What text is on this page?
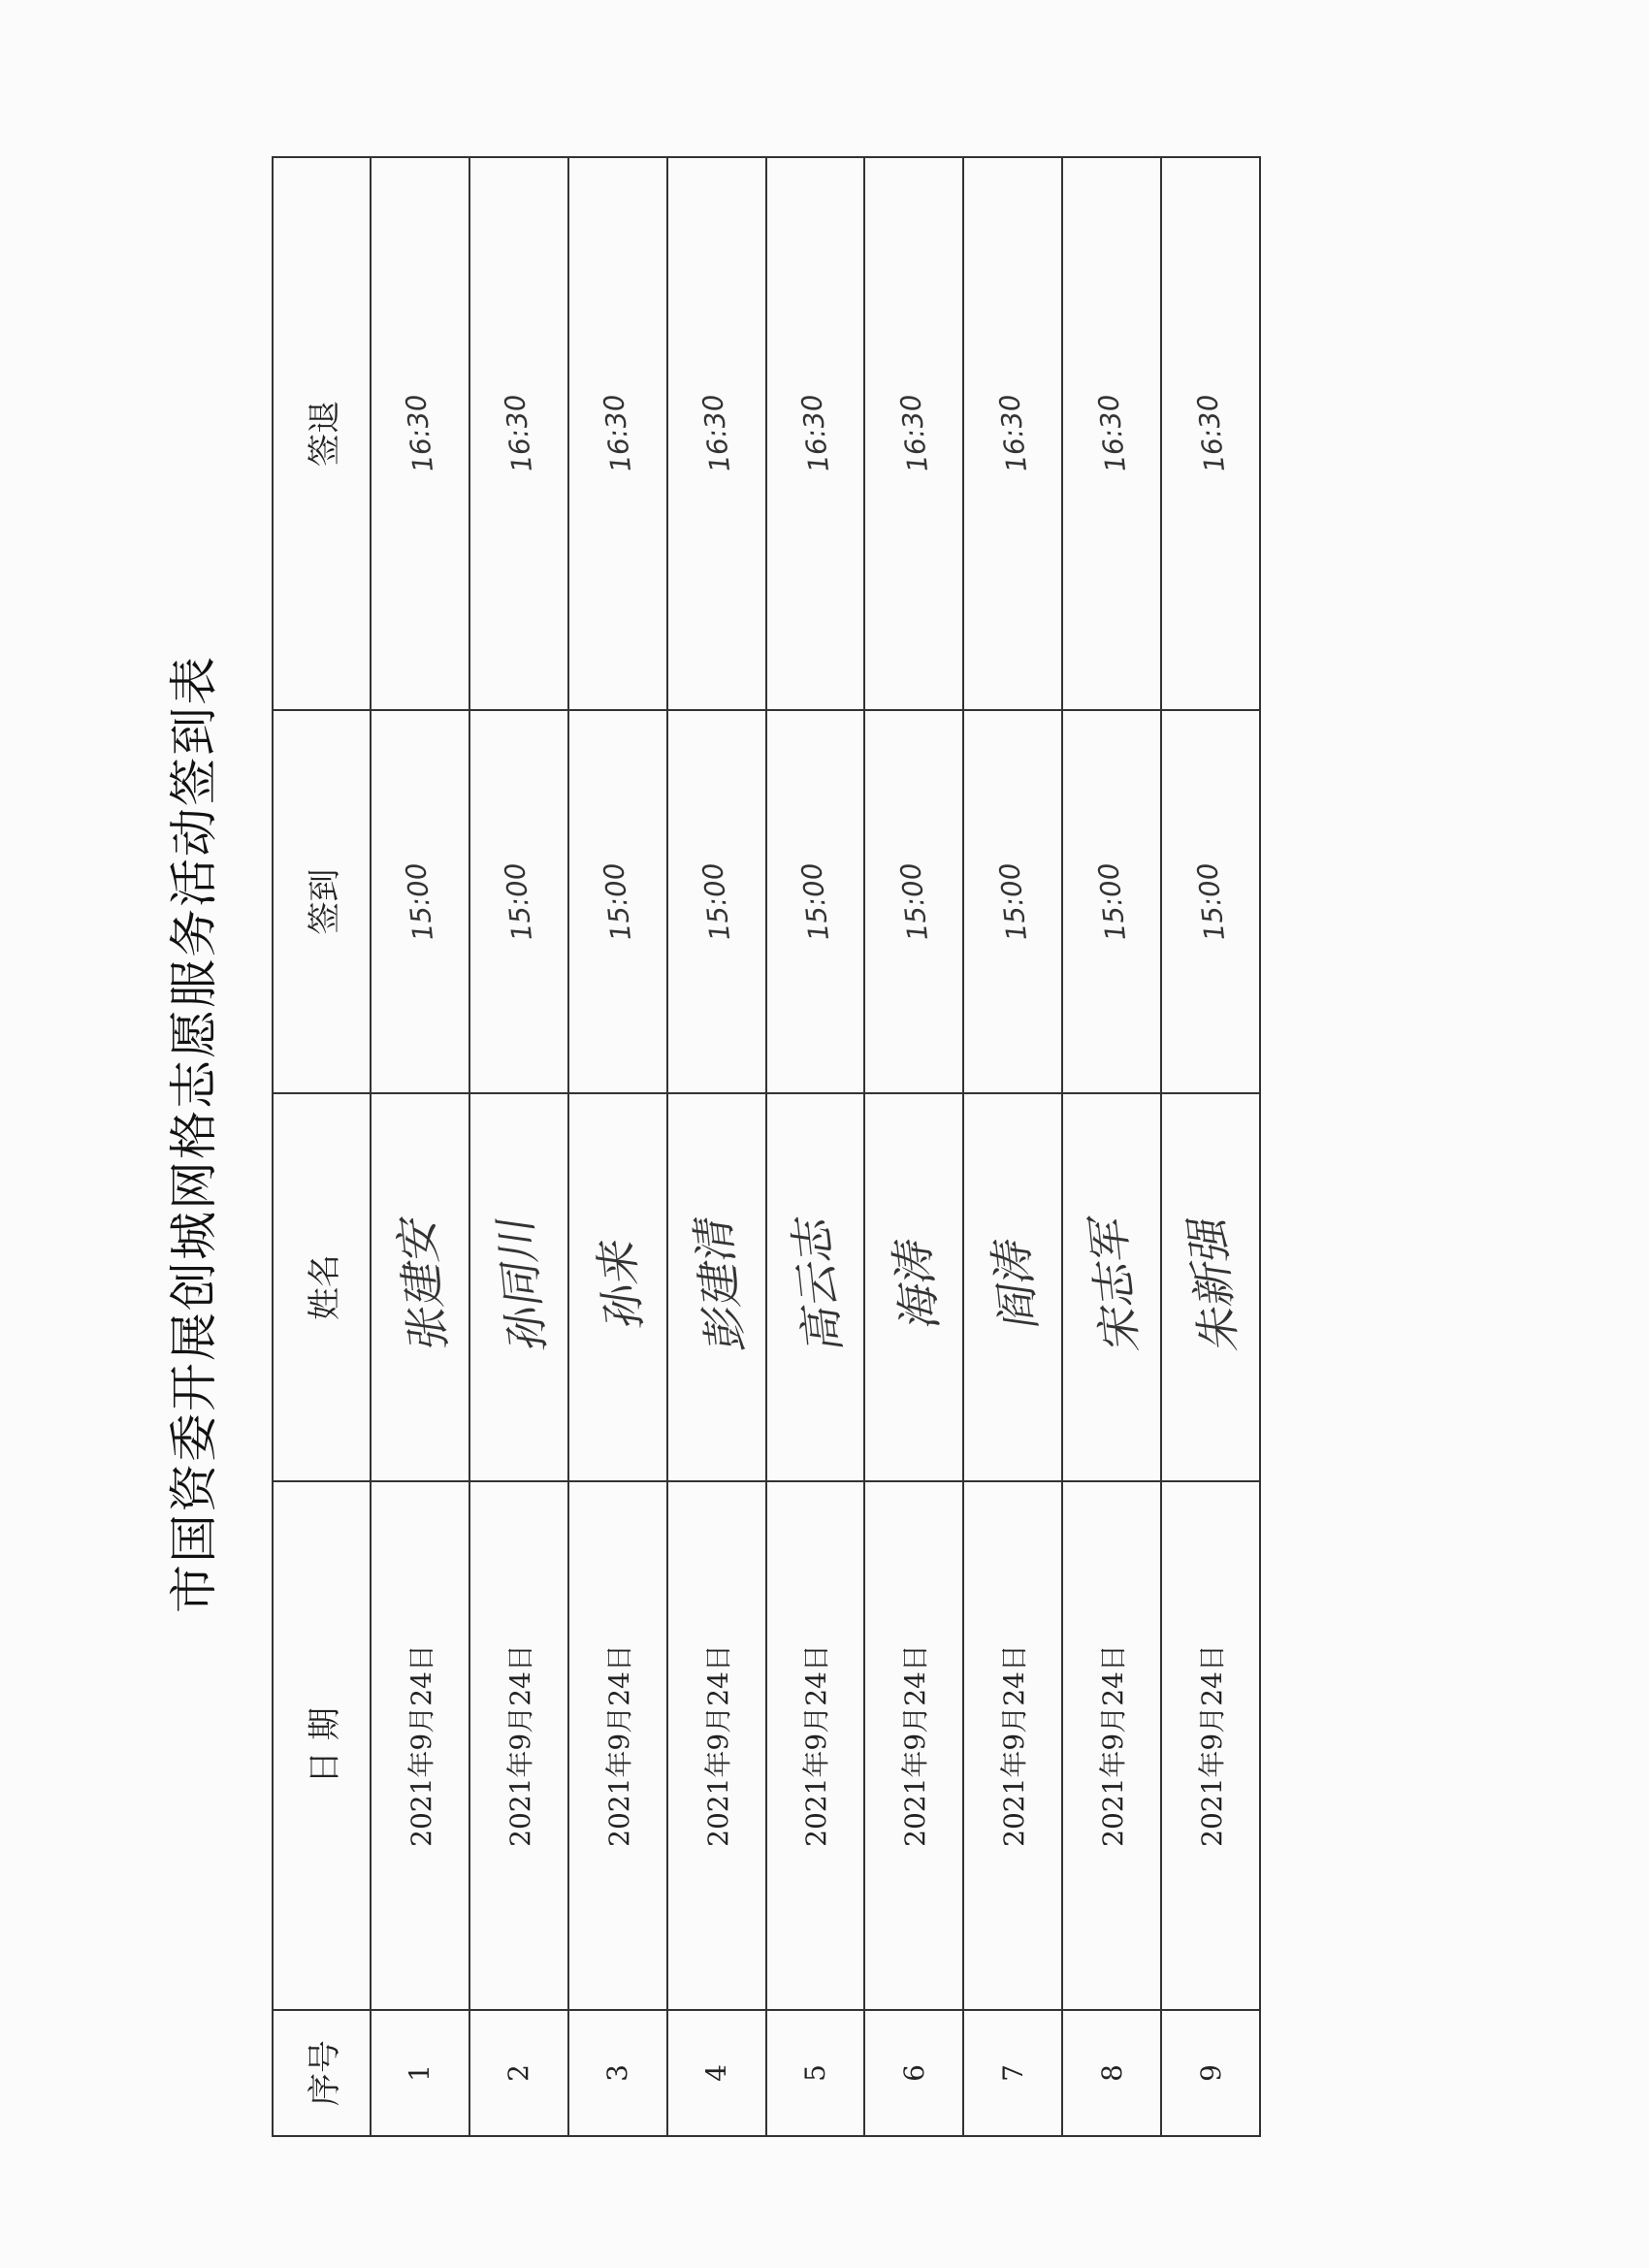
市国资委开展创城网格志愿服务活动签到表
序号	日 期	姓名	签到	签退
1	2021年9月24日	张建安	15:00	16:30
2	2021年9月24日	孙同川	15:00	16:30
3	2021年9月24日	孙来	15:00	16:30
4	2021年9月24日	彭建清	15:00	16:30
5	2021年9月24日	高云志	15:00	16:30
6	2021年9月24日	海涛	15:00	16:30
7	2021年9月24日	阎涛	15:00	16:30
8	2021年9月24日	宋志军	15:00	16:30
9	2021年9月24日	朱新强	15:00	16:30
